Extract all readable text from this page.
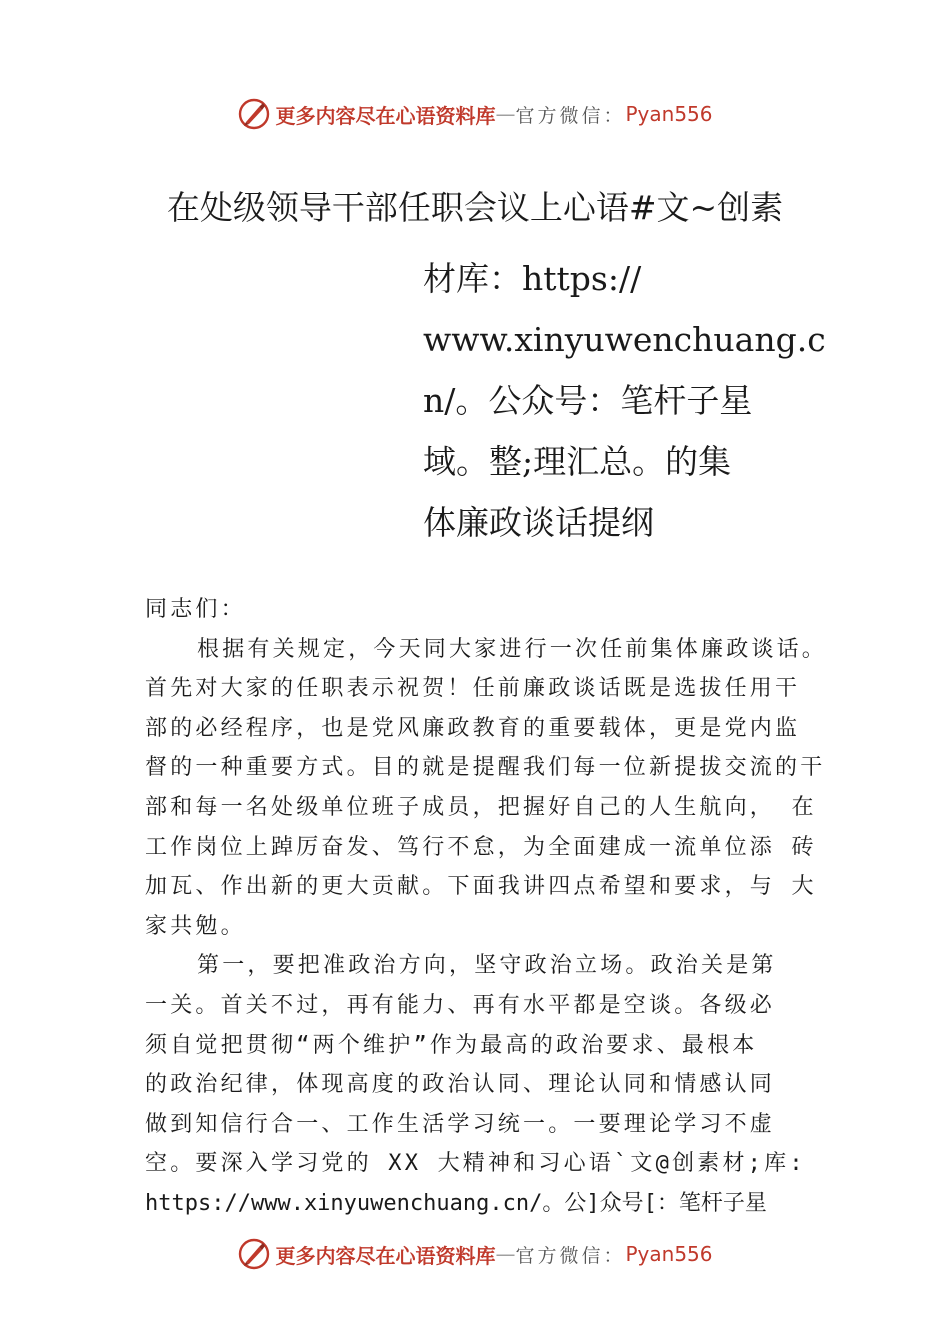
更多内容尽在心语资料库 — 官方微信： Pyan556
在处级领导干部任职会议上心语#文~创素
材库：https://
www.xinyuwenchuang.c
n/。公众号：笔杆子星
域。整;理汇总。的集
体廉政谈话提纲
同志们：
根据有关规定，今天同大家进行一次任前集体廉政谈话。
首先对大家的任职表示祝贺！任前廉政谈话既是选拔任用干
部的必经程序，也是党风廉政教育的重要载体，更是党内监
督的一种重要方式。目的就是提醒我们每一位新提拔交流的干
部和每一名处级单位班子成员，把握好自己的人生航向， 在
工作岗位上踔厉奋发、笃行不怠，为全面建成一流单位添 砖
加瓦、作出新的更大贡献。下面我讲四点希望和要求，与 大
家共勉。
第一，要把准政治方向，坚守政治立场。政治关是第
一关。首关不过，再有能力、再有水平都是空谈。各级必
须自觉把贯彻“两个维护”作为最高的政治要求、最根本
的政治纪律，体现高度的政治认同、理论认同和情感认同
做到知信行合一、工作生活学习统一。一要理论学习不虚
空。要深入学习党的 XX 大精神和习心语`文@创素材;库:
https://www.xinyuwenchuang.cn/。公]众号[：笔杆子星
更多内容尽在心语资料库 — 官方微信： Pyan556
